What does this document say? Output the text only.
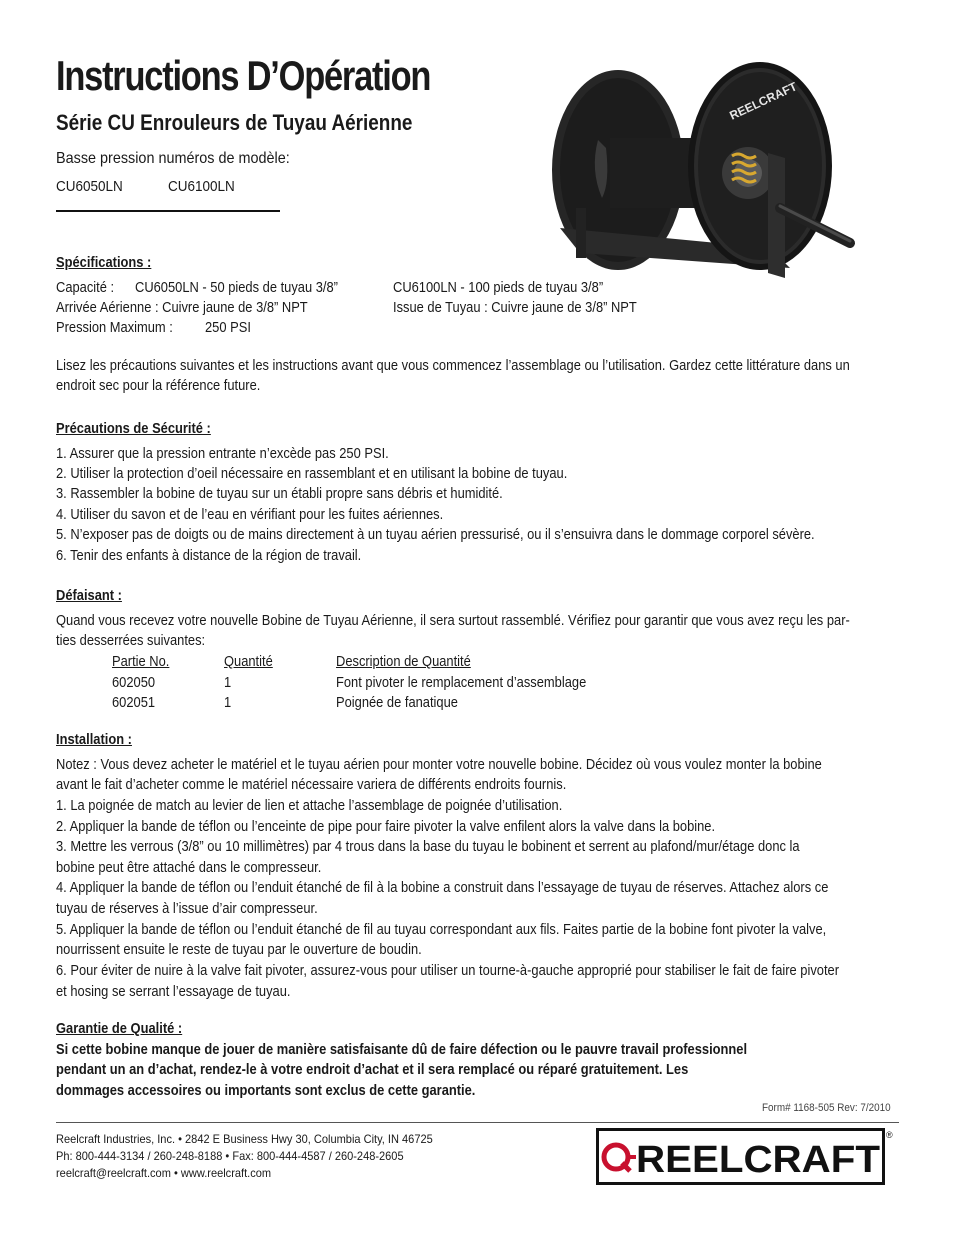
Instructions D’Opération
Série CU Enrouleurs de Tuyau Aérienne
Basse pression numéros de modèle:
CU6050LN	CU6100LN
REELCRAFT
Spécifications :
Capacité : CU6050LN - 50 pieds de tuyau 3/8”	CU6100LN - 100 pieds de tuyau 3/8”
Arrivée Aérienne : Cuivre jaune de 3/8” NPT	Issue de Tuyau : Cuivre jaune de 3/8” NPT
Pression Maximum : 250 PSI
Lisez les précautions suivantes et les instructions avant que vous commencez l’assemblage ou l’utilisation. Gardez cette littérature dans un
endroit sec pour la référence future.
Précautions de Sécurité :
1. Assurer que la pression entrante n’excède pas 250 PSI.
2. Utiliser la protection d’oeil nécessaire en rassemblant et en utilisant la bobine de tuyau.
3. Rassembler la bobine de tuyau sur un établi propre sans débris et humidité.
4. Utiliser du savon et de l’eau en vérifiant pour les fuites aériennes.
5. N’exposer pas de doigts ou de mains directement à un tuyau aérien pressurisé, ou il s’ensuivra dans le dommage corporel sévère.
6. Tenir des enfants à distance de la région de travail.
Défaisant :
Quand vous recevez votre nouvelle Bobine de Tuyau Aérienne, il sera surtout rassemblé. Vérifiez pour garantir que vous avez reçu les par-
ties desserrées suivantes:
Partie No.	Quantité	Description de Quantité
602050	1	Font pivoter le remplacement d’assemblage
602051	1	Poignée de fanatique
Installation :
Notez : Vous devez acheter le matériel et le tuyau aérien pour monter votre nouvelle bobine. Décidez où vous voulez monter la bobine
avant le fait d’acheter comme le matériel nécessaire variera de différents endroits fournis.
1. La poignée de match au levier de lien et attache l’assemblage de poignée d’utilisation.
2. Appliquer la bande de téflon ou l’enceinte de pipe pour faire pivoter la valve enfilent alors la valve dans la bobine.
3. Mettre les verrous (3/8” ou 10 millimètres) par 4 trous dans la base du tuyau le bobinent et serrent au plafond/mur/étage donc la
bobine peut être attaché dans le compresseur.
4. Appliquer la bande de téflon ou l’enduit étanché de fil à la bobine a construit dans l’essayage de tuyau de réserves. Attachez alors ce
tuyau de réserves à l’issue d’air compresseur.
5. Appliquer la bande de téflon ou l’enduit étanché de fil au tuyau correspondant aux fils. Faites partie de la bobine font pivoter la valve,
nourrissent ensuite le reste de tuyau par le ouverture de boudin.
6. Pour éviter de nuire à la valve fait pivoter, assurez-vous pour utiliser un tourne-à-gauche approprié pour stabiliser le fait de faire pivoter
et hosing se serrant l’essayage de tuyau.
Garantie de Qualité :
Si cette bobine manque de jouer de manière satisfaisante dû de faire défection ou le pauvre travail professionnel
pendant un an d’achat, rendez-le à votre endroit d’achat et il sera remplacé ou réparé gratuitement. Les
dommages accessoires ou importants sont exclus de cette garantie.
Form# 1168-505 Rev: 7/2010
Reelcraft Industries, Inc. • 2842 E Business Hwy 30, Columbia City, IN 46725
Ph: 800-444-3134 / 260-248-8188 • Fax: 800-444-4587 / 260-248-2605
reelcraft@reelcraft.com • www.reelcraft.com	REELCRAFT
®
